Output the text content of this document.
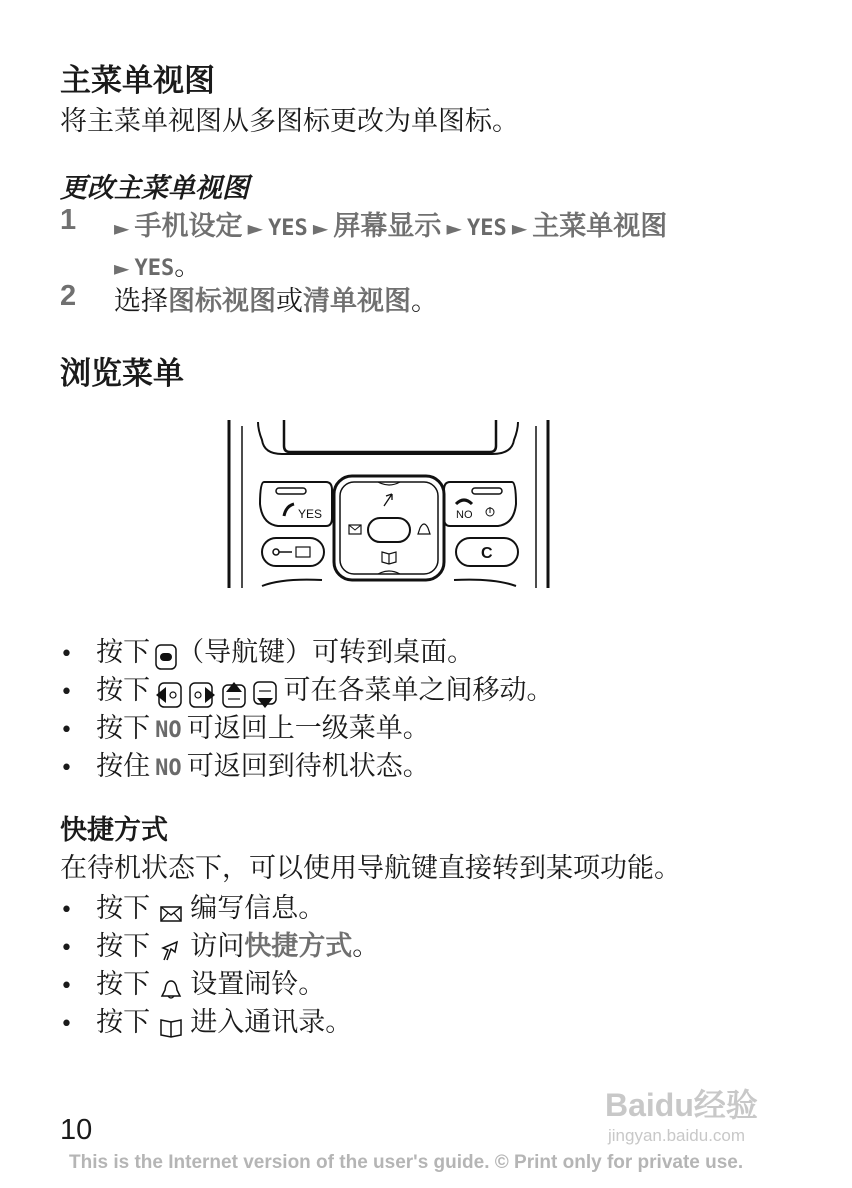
主菜单视图
将主菜单视图从多图标更改为单图标。
更改主菜单视图
1 ► 手机设定 ► YES ► 屏幕显示 ► YES ► 主菜单视图
► YES。
2 选择图标视图或清单视图。
浏览菜单
YES	NO
C
• 按下 （导航键）可转到桌面。
• 按下	可在各菜单之间移动。
• 按下 NO 可返回上一级菜单。
• 按住 NO 可返回到待机状态。
快捷方式
在待机状态下，可以使用导航键直接转到某项功能。
• 按下 编写信息。
• 按下 访问快捷方式。
• 按下 设置闹铃。
• 按下 进入通讯录。
Baidu经验
jingyan.baidu.com
10
This is the Internet version of the user's guide. © Print only for private use.
